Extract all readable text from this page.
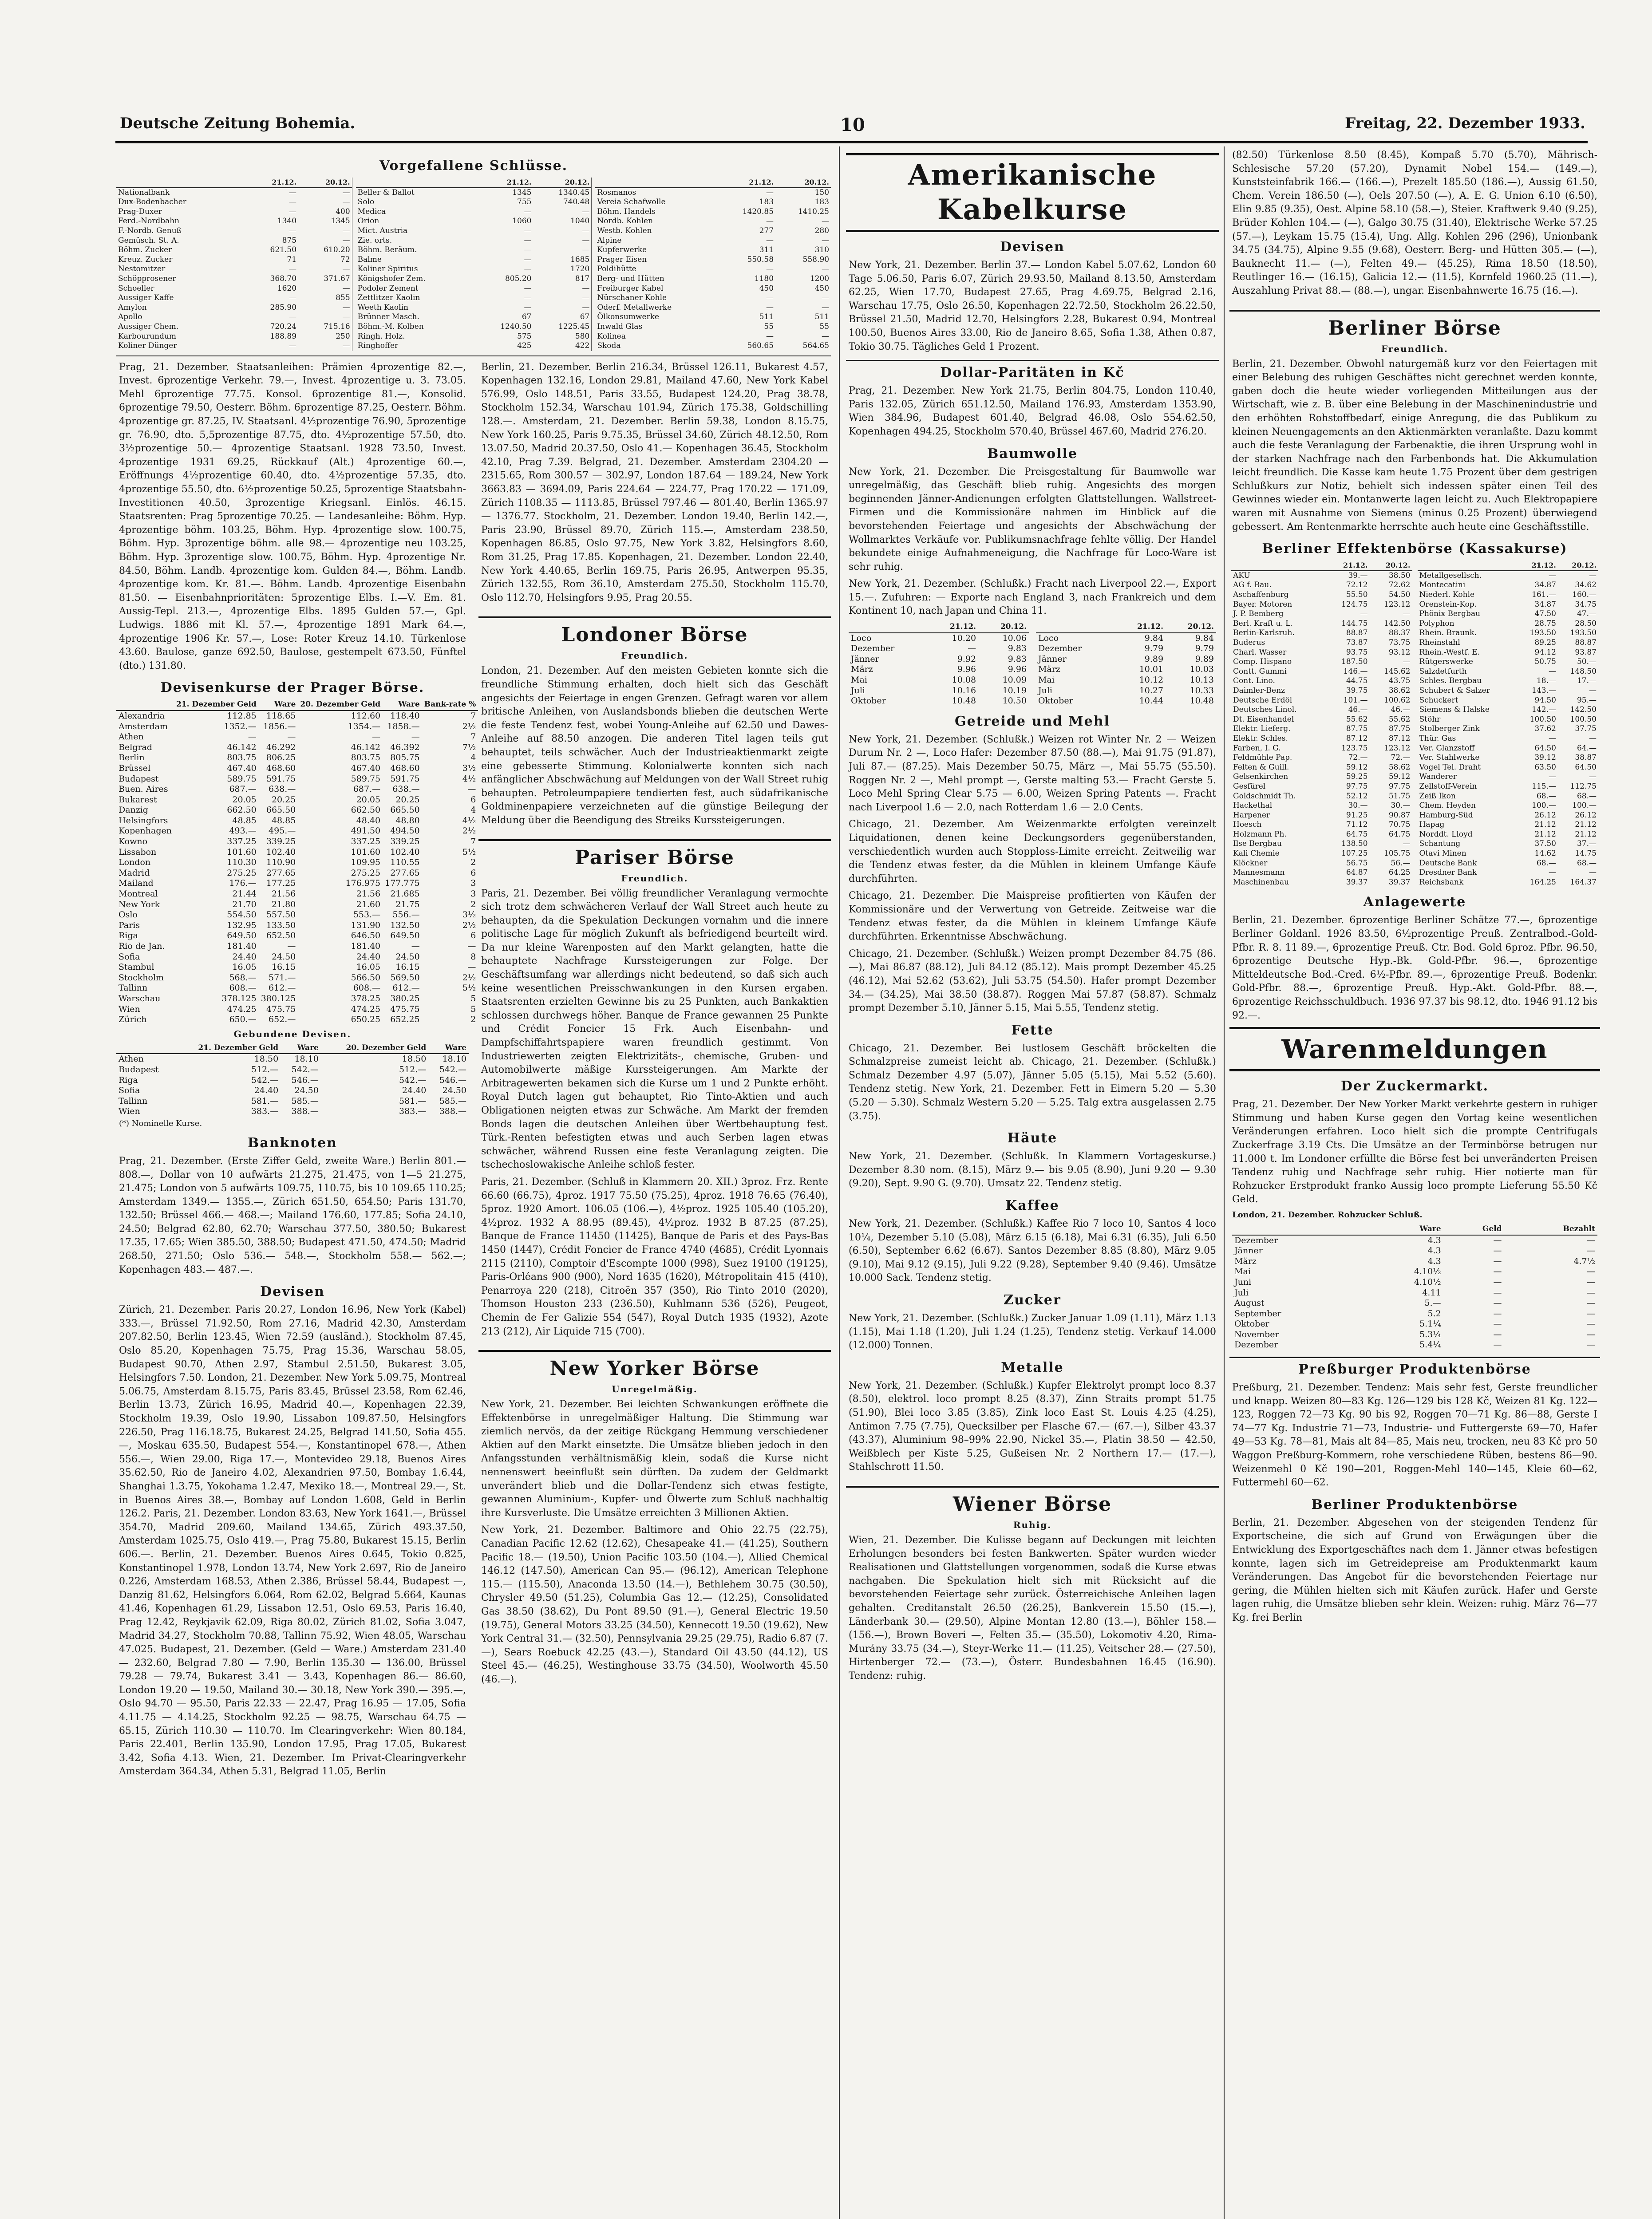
Deutsche Zeitung Bohemia.	10	Freitag, 22. Dezember 1933.
Vorgefallene Schlüsse.
	21.12.	20.12.
Nationalbank	—	—
Dux-Bodenbacher	—	—
Prag-Duxer	—	400
Ferd.-Nordbahn	1340	1345
F.-Nordb. Genuß	—	—
Gemüsch. St. A.	875	—
Böhm. Zucker	621.50	610.20
Kreuz. Zucker	71	72
Nestomitzer	—	—
Schöpprosener	368.70	371.67
Schoeller	1620	—
Aussiger Kaffe	—	855
Amylon	285.90	—
Apollo	—	—
Aussiger Chem.	720.24	715.16
Karbourundum	188.89	250
Koliner Dünger	—	—
	21.12.	20.12.
Beller & Ballot	1345	1340.45
Solo	755	740.48
Medica	—	—
Orion	1060	1040
Mict. Austria	—	—
Zie. orts.	—	—
Böhm. Beräum.	—	—
Balme	—	1685
Koliner Spiritus	—	1720
Königshofer Zem.	805.20	817
Podoler Zement	—	—
Zettlitzer Kaolin	—	—
Weeth Kaolin	—	—
Brünner Masch.	67	67
Böhm.-M. Kolben	1240.50	1225.45
Ringh. Holz.	575	580
Ringhoffer	425	422
	21.12.	20.12.
Rosmanos	—	150
Vereia Schafwolle	183	183
Böhm. Handels	1420.85	1410.25
Nordb. Kohlen	—	—
Westb. Kohlen	277	280
Alpine	—	—
Kupferwerke	311	310
Prager Eisen	550.58	558.90
Poldihütte	—	—
Berg- und Hütten	1180	1200
Freiburger Kabel	450	450
Nürschaner Kohle	—	—
Oderf. Metallwerke	—	—
Ölkonsumwerke	511	511
Inwald Glas	55	55
Kolinea	—	—
Skoda	560.65	564.65

Prag, 21. Dezember. Staatsanleihen: Prämien 4prozentige 82.—, Invest. 6prozentige Verkehr. 79.—, Invest. 4prozentige u. 3. 73.05. Mehl 6prozentige 77.75. Konsol. 6prozentige 81.—, Konsolid. 6prozentige 79.50, Oesterr. Böhm. 6prozentige 87.25, Oesterr. Böhm. 4prozentige gr. 87.25, IV. Staatsanl. 4½prozentige 76.90, 5prozentige gr. 76.90, dto. 5,5prozentige 87.75, dto. 4½prozentige 57.50, dto. 3½prozentige 50.— 4prozentige Staatsanl. 1928 73.50, Invest. 4prozentige 1931 69.25, Rückkauf (Alt.) 4prozentige 60.—, Eröffnungs 4½prozentige 60.40, dto. 4½prozentige 57.35, dto. 4prozentige 55.50, dto. 6½prozentige 50.25, 5prozentige Staatsbahn-Investitionen 40.50, 3prozentige Kriegsanl. Einlös. 46.15. Staatsrenten: Prag 5prozentige 70.25. — Landesanleihe: Böhm. Hyp. 4prozentige böhm. 103.25, Böhm. Hyp. 4prozentige slow. 100.75, Böhm. Hyp. 3prozentige böhm. alle 98.— 4prozentige neu 103.25, Böhm. Hyp. 3prozentige slow. 100.75, Böhm. Hyp. 4prozentige Nr. 84.50, Böhm. Landb. 4prozentige kom. Gulden 84.—, Böhm. Landb. 4prozentige kom. Kr. 81.—. Böhm. Landb. 4prozentige Eisenbahn 81.50. — Eisenbahnprioritäten: 5prozentige Elbs. I.—V. Em. 81. Aussig-Tepl. 213.—, 4prozentige Elbs. 1895 Gulden 57.—, Gpl. Ludwigs. 1886 mit Kl. 57.—, 4prozentige 1891 Mark 64.—, 4prozentige 1906 Kr. 57.—, Lose: Roter Kreuz 14.10. Türkenlose 43.60. Baulose, ganze 692.50, Baulose, gestempelt 673.50, Fünftel (dto.) 131.80.

Devisenkurse der Prager Börse.
	21. Dezember Geld	Ware	20. Dezember Geld	Ware	Bank-rate %
Alexandria	112.85	118.65	112.60	118.40	7
Amsterdam	1352.—	1856.—	1354.—	1858.—	2½
Athen	—	—	—	—	7
Belgrad	46.142	46.292	46.142	46.392	7½
Berlin	803.75	806.25	803.75	805.75	4
Brüssel	467.40	468.60	467.40	468.60	3½
Budapest	589.75	591.75	589.75	591.75	4½
Buen. Aires	687.—	638.—	687.—	638.—	—
Bukarest	20.05	20.25	20.05	20.25	6
Danzig	662.50	665.50	662.50	665.50	4
Helsingfors	48.85	48.85	48.40	48.80	4½
Kopenhagen	493.—	495.—	491.50	494.50	2½
Kowno	337.25	339.25	337.25	339.25	7
Lissabon	101.60	102.40	101.60	102.40	5½
London	110.30	110.90	109.95	110.55	2
Madrid	275.25	277.65	275.25	277.65	6
Mailand	176.—	177.25	176.975	177.775	3
Montreal	21.44	21.56	21.56	21.685	3
New York	21.70	21.80	21.60	21.75	2
Oslo	554.50	557.50	553.—	556.—	3½
Paris	132.95	133.50	131.90	132.50	2½
Riga	649.50	652.50	646.50	649.50	6
Rio de Jan.	181.40	—	181.40	—	—
Sofia	24.40	24.50	24.40	24.50	8
Stambul	16.05	16.15	16.05	16.15	—
Stockholm	568.—	571.—	566.50	569.50	2½
Tallinn	608.—	612.—	608.—	612.—	5½
Warschau	378.125	380.125	378.25	380.25	5
Wien	474.25	475.75	474.25	475.75	5
Zürich	650.—	652.—	650.25	652.25	2
Gebundene Devisen.
	21. Dezember Geld	Ware	20. Dezember Geld	Ware
Athen	18.50	18.10	18.50	18.10
Budapest	512.—	542.—	512.—	542.—
Riga	542.—	546.—	542.—	546.—
Sofia	24.40	24.50	24.40	24.50
Tallinn	581.—	585.—	581.—	585.—
Wien	383.—	388.—	383.—	388.—
(*) Nominelle Kurse.
Banknoten

Prag, 21. Dezember. (Erste Ziffer Geld, zweite Ware.) Berlin 801.— 808.—, Dollar von 10 aufwärts 21.275, 21.475, von 1—5 21.275, 21.475; London von 5 aufwärts 109.75, 110.75, bis 10 109.65 110.25; Amsterdam 1349.— 1355.—, Zürich 651.50, 654.50; Paris 131.70, 132.50; Brüssel 466.— 468.—; Mailand 176.60, 177.85; Sofia 24.10, 24.50; Belgrad 62.80, 62.70; Warschau 377.50, 380.50; Bukarest 17.35, 17.65; Wien 385.50, 388.50; Budapest 471.50, 474.50; Madrid 268.50, 271.50; Oslo 536.— 548.—, Stockholm 558.— 562.—; Kopenhagen 483.— 487.—.

Devisen

Zürich, 21. Dezember. Paris 20.27, London 16.96, New York (Kabel) 333.—, Brüssel 71.92.50, Rom 27.16, Madrid 42.30, Amsterdam 207.82.50, Berlin 123.45, Wien 72.59 (ausländ.), Stockholm 87.45, Oslo 85.20, Kopenhagen 75.75, Prag 15.36, Warschau 58.05, Budapest 90.70, Athen 2.97, Stambul 2.51.50, Bukarest 3.05, Helsingfors 7.50. London, 21. Dezember. New York 5.09.75, Montreal 5.06.75, Amsterdam 8.15.75, Paris 83.45, Brüssel 23.58, Rom 62.46, Berlin 13.73, Zürich 16.95, Madrid 40.—, Kopenhagen 22.39, Stockholm 19.39, Oslo 19.90, Lissabon 109.87.50, Helsingfors 226.50, Prag 116.18.75, Bukarest 24.25, Belgrad 141.50, Sofia 455.—, Moskau 635.50, Budapest 554.—, Konstantinopel 678.—, Athen 556.—, Wien 29.00, Riga 17.—, Montevideo 29.18, Buenos Aires 35.62.50, Rio de Janeiro 4.02, Alexandrien 97.50, Bombay 1.6.44, Shanghai 1.3.75, Yokohama 1.2.47, Mexiko 18.—, Montreal 29.—, St. in Buenos Aires 38.—, Bombay auf London 1.608, Geld in Berlin 126.2. Paris, 21. Dezember. London 83.63, New York 1641.—, Brüssel 354.70, Madrid 209.60, Mailand 134.65, Zürich 493.37.50, Amsterdam 1025.75, Oslo 419.—, Prag 75.80, Bukarest 15.15, Berlin 606.—. Berlin, 21. Dezember. Buenos Aires 0.645, Tokio 0.825, Konstantinopel 1.978, London 13.74, New York 2.697, Rio de Janeiro 0.226, Amsterdam 168.53, Athen 2.386, Brüssel 58.44, Budapest —, Danzig 81.62, Helsingfors 6.064, Rom 62.02, Belgrad 5.664, Kaunas 41.46, Kopenhagen 61.29, Lissabon 12.51, Oslo 69.53, Paris 16.40, Prag 12.42, Reykjavik 62.09, Riga 80.02, Zürich 81.02, Sofia 3.047, Madrid 34.27, Stockholm 70.88, Tallinn 75.92, Wien 48.05, Warschau 47.025. Budapest, 21. Dezember. (Geld — Ware.) Amsterdam 231.40 — 232.60, Belgrad 7.80 — 7.90, Berlin 135.30 — 136.00, Brüssel 79.28 — 79.74, Bukarest 3.41 — 3.43, Kopenhagen 86.— 86.60, London 19.20 — 19.50, Mailand 30.— 30.18, New York 390.— 395.—, Oslo 94.70 — 95.50, Paris 22.33 — 22.47, Prag 16.95 — 17.05, Sofia 4.11.75 — 4.14.25, Stockholm 92.25 — 98.75, Warschau 64.75 — 65.15, Zürich 110.30 — 110.70. Im Clearingverkehr: Wien 80.184, Paris 22.401, Berlin 135.90, London 17.95, Prag 17.05, Bukarest 3.42, Sofia 4.13. Wien, 21. Dezember. Im Privat-Clearingverkehr Amsterdam 364.34, Athen 5.31, Belgrad 11.05, Berlin

Berlin, 21. Dezember. Berlin 216.34, Brüssel 126.11, Bukarest 4.57, Kopenhagen 132.16, London 29.81, Mailand 47.60, New York Kabel 576.99, Oslo 148.51, Paris 33.55, Budapest 124.20, Prag 38.78, Stockholm 152.34, Warschau 101.94, Zürich 175.38, Goldschilling 128.—. Amsterdam, 21. Dezember. Berlin 59.38, London 8.15.75, New York 160.25, Paris 9.75.35, Brüssel 34.60, Zürich 48.12.50, Rom 13.07.50, Madrid 20.37.50, Oslo 41.— Kopenhagen 36.45, Stockholm 42.10, Prag 7.39. Belgrad, 21. Dezember. Amsterdam 2304.20 — 2315.65, Rom 300.57 — 302.97, London 187.64 — 189.24, New York 3663.83 — 3694.09, Paris 224.64 — 224.77, Prag 170.22 — 171.09, Zürich 1108.35 — 1113.85, Brüssel 797.46 — 801.40, Berlin 1365.97 — 1376.77. Stockholm, 21. Dezember. London 19.40, Berlin 142.—, Paris 23.90, Brüssel 89.70, Zürich 115.—, Amsterdam 238.50, Kopenhagen 86.85, Oslo 97.75, New York 3.82, Helsingfors 8.60, Rom 31.25, Prag 17.85. Kopenhagen, 21. Dezember. London 22.40, New York 4.40.65, Berlin 169.75, Paris 26.95, Antwerpen 95.35, Zürich 132.55, Rom 36.10, Amsterdam 275.50, Stockholm 115.70, Oslo 112.70, Helsingfors 9.95, Prag 20.55.

Londoner Börse
Freundlich.

London, 21. Dezember. Auf den meisten Gebieten konnte sich die freundliche Stimmung erhalten, doch hielt sich das Geschäft angesichts der Feiertage in engen Grenzen. Gefragt waren vor allem britische Anleihen, von Auslandsbonds blieben die deutschen Werte die feste Tendenz fest, wobei Young-Anleihe auf 62.50 und Dawes-Anleihe auf 88.50 anzogen. Die anderen Titel lagen teils gut behauptet, teils schwächer. Auch der Industrieaktienmarkt zeigte eine gebesserte Stimmung. Kolonialwerte konnten sich nach anfänglicher Abschwächung auf Meldungen von der Wall Street ruhig behaupten. Petroleumpapiere tendierten fest, auch südafrikanische Goldminenpapiere verzeichneten auf die günstige Beilegung der Meldung über die Beendigung des Streiks Kurssteigerungen.

Pariser Börse
Freundlich.

Paris, 21. Dezember. Bei völlig freundlicher Veranlagung vermochte sich trotz dem schwächeren Verlauf der Wall Street auch heute zu behaupten, da die Spekulation Deckungen vornahm und die innere politische Lage für möglich Zukunft als befriedigend beurteilt wird. Da nur kleine Warenposten auf den Markt gelangten, hatte die behauptete Nachfrage Kurssteigerungen zur Folge. Der Geschäftsumfang war allerdings nicht bedeutend, so daß sich auch keine wesentlichen Preisschwankungen in den Kursen ergaben. Staatsrenten erzielten Gewinne bis zu 25 Punkten, auch Bankaktien schlossen durchwegs höher. Banque de France gewannen 25 Punkte und Crédit Foncier 15 Frk. Auch Eisenbahn- und Dampfschiffahrtspapiere waren freundlich gestimmt. Von Industriewerten zeigten Elektrizitäts-, chemische, Gruben- und Automobilwerte mäßige Kurssteigerungen. Am Markte der Arbitragewerten bekamen sich die Kurse um 1 und 2 Punkte erhöht. Royal Dutch lagen gut behauptet, Rio Tinto-Aktien und auch Obligationen neigten etwas zur Schwäche. Am Markt der fremden Bonds lagen die deutschen Anleihen über Wertbehauptung fest. Türk.-Renten befestigten etwas und auch Serben lagen etwas schwächer, während Russen eine feste Veranlagung zeigten. Die tschechoslowakische Anleihe schloß fester.

Paris, 21. Dezember. (Schluß in Klammern 20. XII.) 3proz. Frz. Rente 66.60 (66.75), 4proz. 1917 75.50 (75.25), 4proz. 1918 76.65 (76.40), 5proz. 1920 Amort. 106.05 (106.—), 4½proz. 1925 105.40 (105.20), 4½proz. 1932 A 88.95 (89.45), 4½proz. 1932 B 87.25 (87.25), Banque de France 11450 (11425), Banque de Paris et des Pays-Bas 1450 (1447), Crédit Foncier de France 4740 (4685), Crédit Lyonnais 2115 (2110), Comptoir d'Escompte 1000 (998), Suez 19100 (19125), Paris-Orléans 900 (900), Nord 1635 (1620), Métropolitain 415 (410), Penarroya 220 (218), Citroën 357 (350), Rio Tinto 2010 (2020), Thomson Houston 233 (236.50), Kuhlmann 536 (526), Peugeot, Chemin de Fer Galizie 554 (547), Royal Dutch 1935 (1932), Azote 213 (212), Air Liquide 715 (700).

New Yorker Börse
Unregelmäßig.

New York, 21. Dezember. Bei leichten Schwankungen eröffnete die Effektenbörse in unregelmäßiger Haltung. Die Stimmung war ziemlich nervös, da der zeitige Rückgang Hemmung verschiedener Aktien auf den Markt einsetzte. Die Umsätze blieben jedoch in den Anfangsstunden verhältnismäßig klein, sodaß die Kurse nicht nennenswert beeinflußt sein dürften. Da zudem der Geldmarkt unverändert blieb und die Dollar-Tendenz sich etwas festigte, gewannen Aluminium-, Kupfer- und Ölwerte zum Schluß nachhaltig ihre Kursverluste. Die Umsätze erreichten 3 Millionen Aktien.

New York, 21. Dezember. Baltimore and Ohio 22.75 (22.75), Canadian Pacific 12.62 (12.62), Chesapeake 41.— (41.25), Southern Pacific 18.— (19.50), Union Pacific 103.50 (104.—), Allied Chemical 146.12 (147.50), American Can 95.— (96.12), American Telephone 115.— (115.50), Anaconda 13.50 (14.—), Bethlehem 30.75 (30.50), Chrysler 49.50 (51.25), Columbia Gas 12.— (12.25), Consolidated Gas 38.50 (38.62), Du Pont 89.50 (91.—), General Electric 19.50 (19.75), General Motors 33.25 (34.50), Kennecott 19.50 (19.62), New York Central 31.— (32.50), Pennsylvania 29.25 (29.75), Radio 6.87 (7.—), Sears Roebuck 42.25 (43.—), Standard Oil 43.50 (44.12), US Steel 45.— (46.25), Westinghouse 33.75 (34.50), Woolworth 45.50 (46.—).

Amerikanische Kabelkurse
Devisen

New York, 21. Dezember. Berlin 37.— London Kabel 5.07.62, London 60 Tage 5.06.50, Paris 6.07, Zürich 29.93.50, Mailand 8.13.50, Amsterdam 62.25, Wien 17.70, Budapest 27.65, Prag 4.69.75, Belgrad 2.16, Warschau 17.75, Oslo 26.50, Kopenhagen 22.72.50, Stockholm 26.22.50, Brüssel 21.50, Madrid 12.70, Helsingfors 2.28, Bukarest 0.94, Montreal 100.50, Buenos Aires 33.00, Rio de Janeiro 8.65, Sofia 1.38, Athen 0.87, Tokio 30.75. Tägliches Geld 1 Prozent.

Dollar-Paritäten in Kč

Prag, 21. Dezember. New York 21.75, Berlin 804.75, London 110.40, Paris 132.05, Zürich 651.12.50, Mailand 176.93, Amsterdam 1353.90, Wien 384.96, Budapest 601.40, Belgrad 46.08, Oslo 554.62.50, Kopenhagen 494.25, Stockholm 570.40, Brüssel 467.60, Madrid 276.20.

Baumwolle

New York, 21. Dezember. Die Preisgestaltung für Baumwolle war unregelmäßig, das Geschäft blieb ruhig. Angesichts des morgen beginnenden Jänner-Andienungen erfolgten Glattstellungen. Wallstreet-Firmen und die Kommissionäre nahmen im Hinblick auf die bevorstehenden Feiertage und angesichts der Abschwächung der Wollmarktes Verkäufe vor. Publikumsnachfrage fehlte völlig. Der Handel bekundete einige Aufnahmeneigung, die Nachfrage für Loco-Ware ist sehr ruhig.

New York, 21. Dezember. (Schlußk.) Fracht nach Liverpool 22.—, Export 15.—. Zufuhren: — Exporte nach England 3, nach Frankreich und dem Kontinent 10, nach Japan und China 11.

	21.12.	20.12.
Loco	10.20	10.06
Dezember	—	9.83
Jänner	9.92	9.83
März	9.96	9.96
Mai	10.08	10.09
Juli	10.16	10.19
Oktober	10.48	10.50
	21.12.	20.12.
Loco	9.84	9.84
Dezember	9.79	9.79
Jänner	9.89	9.89
März	10.01	10.03
Mai	10.12	10.13
Juli	10.27	10.33
Oktober	10.44	10.48
Getreide und Mehl

New York, 21. Dezember. (Schlußk.) Weizen rot Winter Nr. 2 — Weizen Durum Nr. 2 —, Loco Hafer: Dezember 87.50 (88.—), Mai 91.75 (91.87), Juli 87.— (87.25). Mais Dezember 50.75, März —, Mai 55.75 (55.50). Roggen Nr. 2 —, Mehl prompt —, Gerste malting 53.— Fracht Gerste 5. Loco Mehl Spring Clear 5.75 — 6.00, Weizen Spring Patents —. Fracht nach Liverpool 1.6 — 2.0, nach Rotterdam 1.6 — 2.0 Cents.

Chicago, 21. Dezember. Am Weizenmarkte erfolgten vereinzelt Liquidationen, denen keine Deckungsorders gegenüberstanden, verschiedentlich wurden auch Stopploss-Limite erreicht. Zeitweilig war die Tendenz etwas fester, da die Mühlen in kleinem Umfange Käufe durchführten.

Chicago, 21. Dezember. Die Maispreise profitierten von Käufen der Kommissionäre und der Verwertung von Getreide. Zeitweise war die Tendenz etwas fester, da die Mühlen in kleinem Umfange Käufe durchführten. Erkenntnisse Abschwächung.

Chicago, 21. Dezember. (Schlußk.) Weizen prompt Dezember 84.75 (86.—), Mai 86.87 (88.12), Juli 84.12 (85.12). Mais prompt Dezember 45.25 (46.12), Mai 52.62 (53.62), Juli 53.75 (54.50). Hafer prompt Dezember 34.— (34.25), Mai 38.50 (38.87). Roggen Mai 57.87 (58.87). Schmalz prompt Dezember 5.10, Jänner 5.15, Mai 5.55, Tendenz stetig.

Fette

Chicago, 21. Dezember. Bei lustlosem Geschäft bröckelten die Schmalzpreise zumeist leicht ab. Chicago, 21. Dezember. (Schlußk.) Schmalz Dezember 4.97 (5.07), Jänner 5.05 (5.15), Mai 5.52 (5.60). Tendenz stetig. New York, 21. Dezember. Fett in Eimern 5.20 — 5.30 (5.20 — 5.30). Schmalz Western 5.20 — 5.25. Talg extra ausgelassen 2.75 (3.75).

Häute

New York, 21. Dezember. (Schlußk. In Klammern Vortageskurse.) Dezember 8.30 nom. (8.15), März 9.— bis 9.05 (8.90), Juni 9.20 — 9.30 (9.20), Sept. 9.90 G. (9.70). Umsatz 22. Tendenz stetig.

Kaffee

New York, 21. Dezember. (Schlußk.) Kaffee Rio 7 loco 10, Santos 4 loco 10¼, Dezember 5.10 (5.08), März 6.15 (6.18), Mai 6.31 (6.35), Juli 6.50 (6.50), September 6.62 (6.67). Santos Dezember 8.85 (8.80), März 9.05 (9.10), Mai 9.12 (9.15), Juli 9.22 (9.28), September 9.40 (9.46). Umsätze 10.000 Sack. Tendenz stetig.

Zucker

New York, 21. Dezember. (Schlußk.) Zucker Januar 1.09 (1.11), März 1.13 (1.15), Mai 1.18 (1.20), Juli 1.24 (1.25), Tendenz stetig. Verkauf 14.000 (12.000) Tonnen.

Metalle

New York, 21. Dezember. (Schlußk.) Kupfer Elektrolyt prompt loco 8.37 (8.50), elektrol. loco prompt 8.25 (8.37), Zinn Straits prompt 51.75 (51.90), Blei loco 3.85 (3.85), Zink loco East St. Louis 4.25 (4.25), Antimon 7.75 (7.75), Quecksilber per Flasche 67.— (67.—), Silber 43.37 (43.37), Aluminium 98–99% 22.90, Nickel 35.—, Platin 38.50 — 42.50, Weißblech per Kiste 5.25, Gußeisen Nr. 2 Northern 17.— (17.—), Stahlschrott 11.50.

Wiener Börse
Ruhig.

Wien, 21. Dezember. Die Kulisse begann auf Deckungen mit leichten Erholungen besonders bei festen Bankwerten. Später wurden wieder Realisationen und Glattstellungen vorgenommen, sodaß die Kurse etwas nachgaben. Die Spekulation hielt sich mit Rücksicht auf die bevorstehenden Feiertage sehr zurück. Österreichische Anleihen lagen gehalten. Creditanstalt 26.50 (26.25), Bankverein 15.50 (15.—), Länderbank 30.— (29.50), Alpine Montan 12.80 (13.—), Böhler 158.— (156.—), Brown Boveri —, Felten 35.— (35.50), Lokomotiv 4.20, Rima-Murány 33.75 (34.—), Steyr-Werke 11.— (11.25), Veitscher 28.— (27.50), Hirtenberger 72.— (73.—), Österr. Bundesbahnen 16.45 (16.90). Tendenz: ruhig.

(82.50) Türkenlose 8.50 (8.45), Kompaß 5.70 (5.70), Mährisch-Schlesische 57.20 (57.20), Dynamit Nobel 154.— (149.—), Kunststeinfabrik 166.— (166.—), Prezelt 185.50 (186.—), Aussig 61.50, Chem. Verein 186.50 (—), Oels 207.50 (—), A. E. G. Union 6.10 (6.50), Elin 9.85 (9.35), Oest. Alpine 58.10 (58.—), Steier. Kraftwerk 9.40 (9.25), Brüder Kohlen 104.— (—), Galgo 30.75 (31.40), Elektrische Werke 57.25 (57.—), Leykam 15.75 (15.4), Ung. Allg. Kohlen 296 (296), Unionbank 34.75 (34.75), Alpine 9.55 (9.68), Oesterr. Berg- und Hütten 305.— (—), Bauknecht 11.— (—), Felten 49.— (45.25), Rima 18.50 (18.50), Reutlinger 16.— (16.15), Galicia 12.— (11.5), Kornfeld 1960.25 (11.—), Auszahlung Privat 88.— (88.—), ungar. Eisenbahnwerte 16.75 (16.—).

Berliner Börse
Freundlich.

Berlin, 21. Dezember. Obwohl naturgemäß kurz vor den Feiertagen mit einer Belebung des ruhigen Geschäftes nicht gerechnet werden konnte, gaben doch die heute wieder vorliegenden Mitteilungen aus der Wirtschaft, wie z. B. über eine Belebung in der Maschinenindustrie und den erhöhten Rohstoffbedarf, einige Anregung, die das Publikum zu kleinen Neuengagements an den Aktienmärkten veranlaßte. Dazu kommt auch die feste Veranlagung der Farbenaktie, die ihren Ursprung wohl in der starken Nachfrage nach den Farbenbonds hat. Die Akkumulation leicht freundlich. Die Kasse kam heute 1.75 Prozent über dem gestrigen Schlußkurs zur Notiz, behielt sich indessen später einen Teil des Gewinnes wieder ein. Montanwerte lagen leicht zu. Auch Elektropapiere waren mit Ausnahme von Siemens (minus 0.25 Prozent) überwiegend gebessert. Am Rentenmarkte herrschte auch heute eine Geschäftsstille.

Berliner Effektenbörse (Kassakurse)
	21.12.	20.12.
AKU	39.—	38.50
AG f. Bau.	72.12	72.62
Aschaffenburg	55.50	54.50
Bayer. Motoren	124.75	123.12
J. P. Bemberg	—	—
Berl. Kraft u. L.	144.75	142.50
Berlin-Karlsruh.	88.87	88.37
Buderus	73.87	73.75
Charl. Wasser	93.75	93.12
Comp. Hispano	187.50	—
Contt. Gummi	146.—	145.62
Cont. Lino.	44.75	43.75
Daimler-Benz	39.75	38.62
Deutsche Erdöl	101.—	100.62
Deutsches Linol.	46.—	46.—
Dt. Eisenhandel	55.62	55.62
Elektr. Lieferg.	87.75	87.75
Elektr. Schles.	87.12	87.12
Farben, I. G.	123.75	123.12
Feldmühle Pap.	72.—	72.—
Felten & Guill.	59.12	58.62
Gelsenkirchen	59.25	59.12
Gesfürel	97.75	97.75
Goldschmidt Th.	52.12	51.75
Hackethal	30.—	30.—
Harpener	91.25	90.87
Hoesch	71.12	70.75
Holzmann Ph.	64.75	64.75
Ilse Bergbau	138.50	—
Kali Chemie	107.25	105.75
Klöckner	56.75	56.—
Mannesmann	64.87	64.25
Maschinenbau	39.37	39.37
	21.12.	20.12.
Metallgesellsch.	—	—
Montecatini	34.87	34.62
Niederl. Kohle	161.—	160.—
Orenstein-Kop.	34.87	34.75
Phönix Bergbau	47.50	47.—
Polyphon	28.75	28.50
Rhein. Braunk.	193.50	193.50
Rheinstahl	89.25	88.87
Rhein.-Westf. E.	94.12	93.87
Rütgerswerke	50.75	50.—
Salzdetfurth	—	148.50
Schles. Bergbau	18.—	17.—
Schubert & Salzer	143.—	—
Schuckert	94.50	95.—
Siemens & Halske	142.—	142.50
Stöhr	100.50	100.50
Stolberger Zink	37.62	37.75
Thür. Gas	—	—
Ver. Glanzstoff	64.50	64.—
Ver. Stahlwerke	39.12	38.87
Vogel Tel. Draht	63.50	64.50
Wanderer	—	—
Zellstoff-Verein	115.—	112.75
Zeiß Ikon	68.—	68.—
Chem. Heyden	100.—	100.—
Hamburg-Süd	26.12	26.12
Hapag	21.12	21.12
Norddt. Lloyd	21.12	21.12
Schantung	37.50	37.—
Otavi Minen	14.62	14.75
Deutsche Bank	68.—	68.—
Dresdner Bank	—	—
Reichsbank	164.25	164.37
Anlagewerte

Berlin, 21. Dezember. 6prozentige Berliner Schätze 77.—, 6prozentige Berliner Goldanl. 1926 83.50, 6½prozentige Preuß. Zentralbod.-Gold-Pfbr. R. 8. 11 89.—, 6prozentige Preuß. Ctr. Bod. Gold 6proz. Pfbr. 96.50, 6prozentige Deutsche Hyp.-Bk. Gold-Pfbr. 96.—, 6prozentige Mitteldeutsche Bod.-Cred. 6½-Pfbr. 89.—, 6prozentige Preuß. Bodenkr. Gold-Pfbr. 88.—, 6prozentige Preuß. Hyp.-Akt. Gold-Pfbr. 88.—, 6prozentige Reichsschuldbuch. 1936 97.37 bis 98.12, dto. 1946 91.12 bis 92.—.

Warenmeldungen
Der Zuckermarkt.

Prag, 21. Dezember. Der New Yorker Markt verkehrte gestern in ruhiger Stimmung und haben Kurse gegen den Vortag keine wesentlichen Veränderungen erfahren. Loco hielt sich die prompte Centrifugals Zuckerfrage 3.19 Cts. Die Umsätze an der Terminbörse betrugen nur 11.000 t. Im Londoner erfüllte die Börse fest bei unveränderten Preisen Tendenz ruhig und Nachfrage sehr ruhig. Hier notierte man für Rohzucker Erstprodukt franko Aussig loco prompte Lieferung 55.50 Kč Geld.

London, 21. Dezember. Rohzucker Schluß.
	Ware	Geld	Bezahlt
Dezember	4.3	—	—
Jänner	4.3	—	—
März	4.3	—	4.7½
Mai	4.10½	—	—
Juni	4.10½	—	—
Juli	4.11	—	—
August	5.—	—	—
September	5.2	—	—
Oktober	5.1¼	—	—
November	5.3¼	—	—
Dezember	5.4¼	—	—
Preßburger Produktenbörse

Preßburg, 21. Dezember. Tendenz: Mais sehr fest, Gerste freundlicher und knapp. Weizen 80—83 Kg. 126—129 bis 128 Kč, Weizen 81 Kg. 122—123, Roggen 72—73 Kg. 90 bis 92, Roggen 70—71 Kg. 86—88, Gerste I 74—77 Kg. Industrie 71—73, Industrie- und Futtergerste 69—70, Hafer 49—53 Kg. 78—81, Mais alt 84—85, Mais neu, trocken, neu 83 Kč pro 50 Waggon Preßburg-Kommern, rohe verschiedene Rüben, bestens 86—90. Weizenmehl 0 Kč 190—201, Roggen-Mehl 140—145, Kleie 60—62, Futtermehl 60—62.

Berliner Produktenbörse

Berlin, 21. Dezember. Abgesehen von der steigenden Tendenz für Exportscheine, die sich auf Grund von Erwägungen über die Entwicklung des Exportgeschäftes nach dem 1. Jänner etwas befestigen konnte, lagen sich im Getreidepreise am Produktenmarkt kaum Veränderungen. Das Angebot für die bevorstehenden Feiertage nur gering, die Mühlen hielten sich mit Käufen zurück. Hafer und Gerste lagen ruhig, die Umsätze blieben sehr klein. Weizen: ruhig. März 76—77 Kg. frei Berlin
